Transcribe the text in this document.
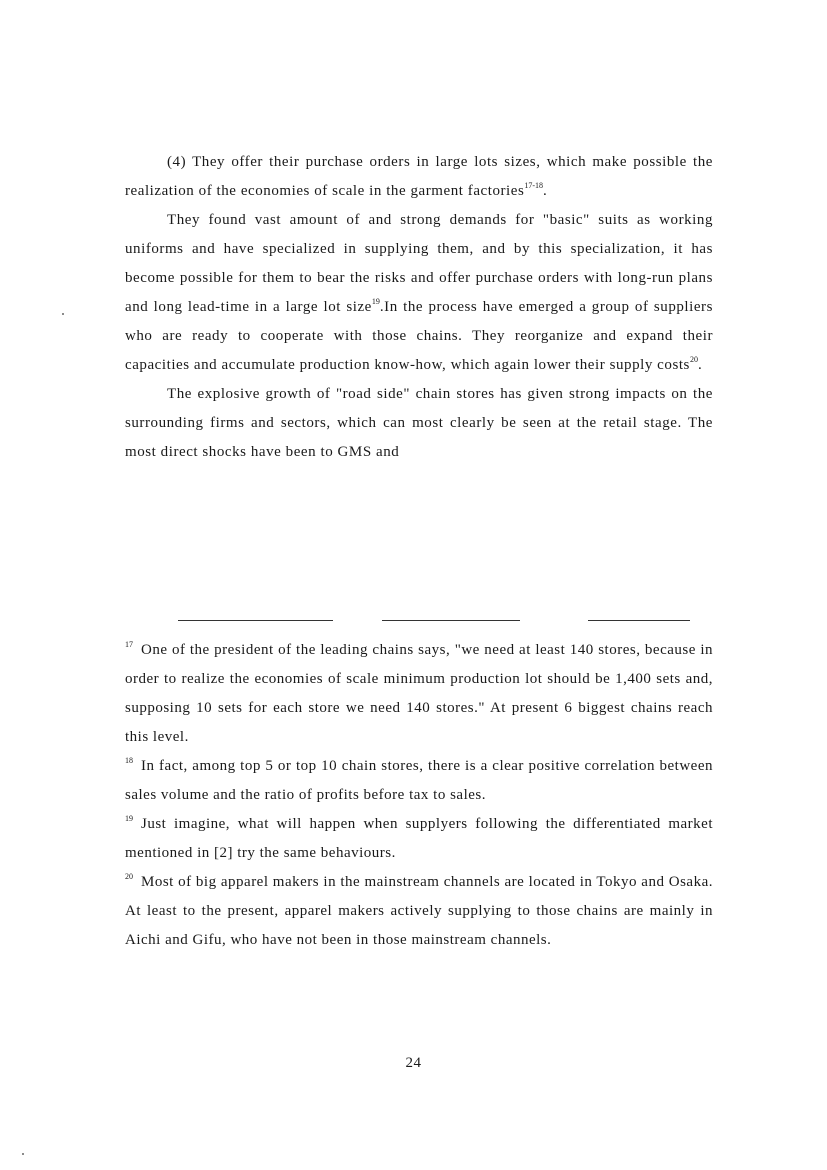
(4) They offer their purchase orders in large lots sizes, which make possible the realization of the economies of scale in the garment factories$^{17-18}$.

They found vast amount of and strong demands for "basic" suits as working uniforms and have specialized in supplying them, and by this specialization, it has become possible for them to bear the risks and offer purchase orders with long-run plans and long lead-time in a large lot size$^{19}$.In the process have emerged a group of suppliers who are ready to cooperate with those chains. They reorganize and expand their capacities and accumulate production know-how, which again lower their supply costs$^{20}$.

The explosive growth of "road side" chain stores has given strong impacts on the surrounding firms and sectors, which can most clearly be seen at the retail stage. The most direct shocks have been to GMS and

$^{17}$ One of the president of the leading chains says, "we need at least 140 stores, because in order to realize the economies of scale minimum production lot should be 1,400 sets and, supposing 10 sets for each store we need 140 stores." At present 6 biggest chains reach this level.

$^{18}$ In fact, among top 5 or top 10 chain stores, there is a clear positive correlation between sales volume and the ratio of profits before tax to sales.

$^{19}$ Just imagine, what will happen when supplyers following the differentiated market mentioned in [2] try the same behaviours.

$^{20}$ Most of big apparel makers in the mainstream channels are located in Tokyo and Osaka. At least to the present, apparel makers actively supplying to those chains are mainly in Aichi and Gifu, who have not been in those mainstream channels.

24
